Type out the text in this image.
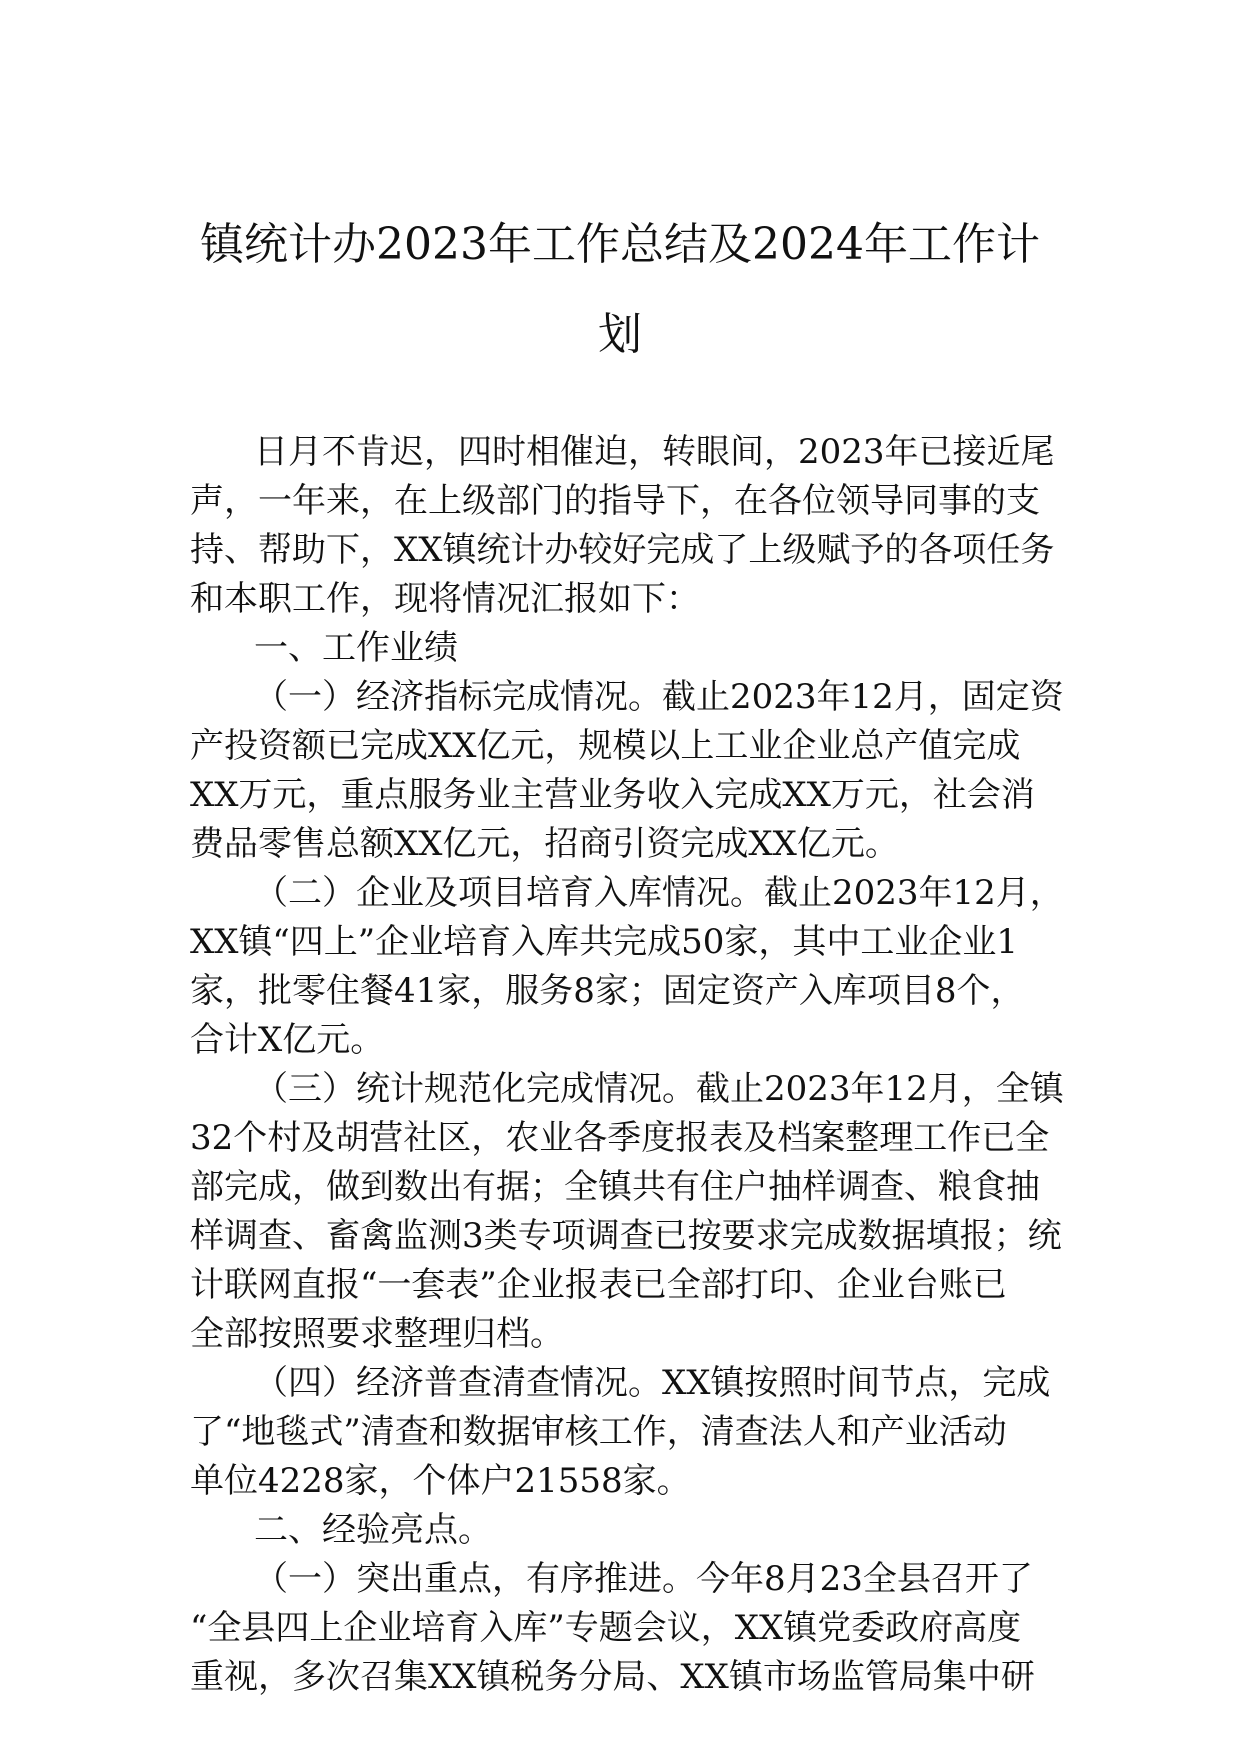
镇统计办2023年工作总结及2024年工作计
划
日月不肯迟，四时相催迫，转眼间，2023年已接近尾
声，一年来，在上级部门的指导下，在各位领导同事的支
持、帮助下，XX镇统计办较好完成了上级赋予的各项任务
和本职工作，现将情况汇报如下：
一、工作业绩
（一）经济指标完成情况。截止2023年12月，固定资
产投资额已完成XX亿元，规模以上工业企业总产值完成
XX万元，重点服务业主营业务收入完成XX万元，社会消
费品零售总额XX亿元，招商引资完成XX亿元。
（二）企业及项目培育入库情况。截止2023年12月，
XX镇“四上”企业培育入库共完成50家，其中工业企业1
家，批零住餐41家，服务8家；固定资产入库项目8个，
合计X亿元。
（三）统计规范化完成情况。截止2023年12月，全镇
32个村及胡营社区，农业各季度报表及档案整理工作已全
部完成，做到数出有据；全镇共有住户抽样调查、粮食抽
样调查、畜禽监测3类专项调查已按要求完成数据填报；统
计联网直报“一套表”企业报表已全部打印、企业台账已
全部按照要求整理归档。
（四）经济普查清查情况。XX镇按照时间节点，完成
了“地毯式”清查和数据审核工作，清查法人和产业活动
单位4228家，个体户21558家。
二、经验亮点。
（一）突出重点，有序推进。今年8月23全县召开了
“全县四上企业培育入库”专题会议，XX镇党委政府高度
重视，多次召集XX镇税务分局、XX镇市场监管局集中研
